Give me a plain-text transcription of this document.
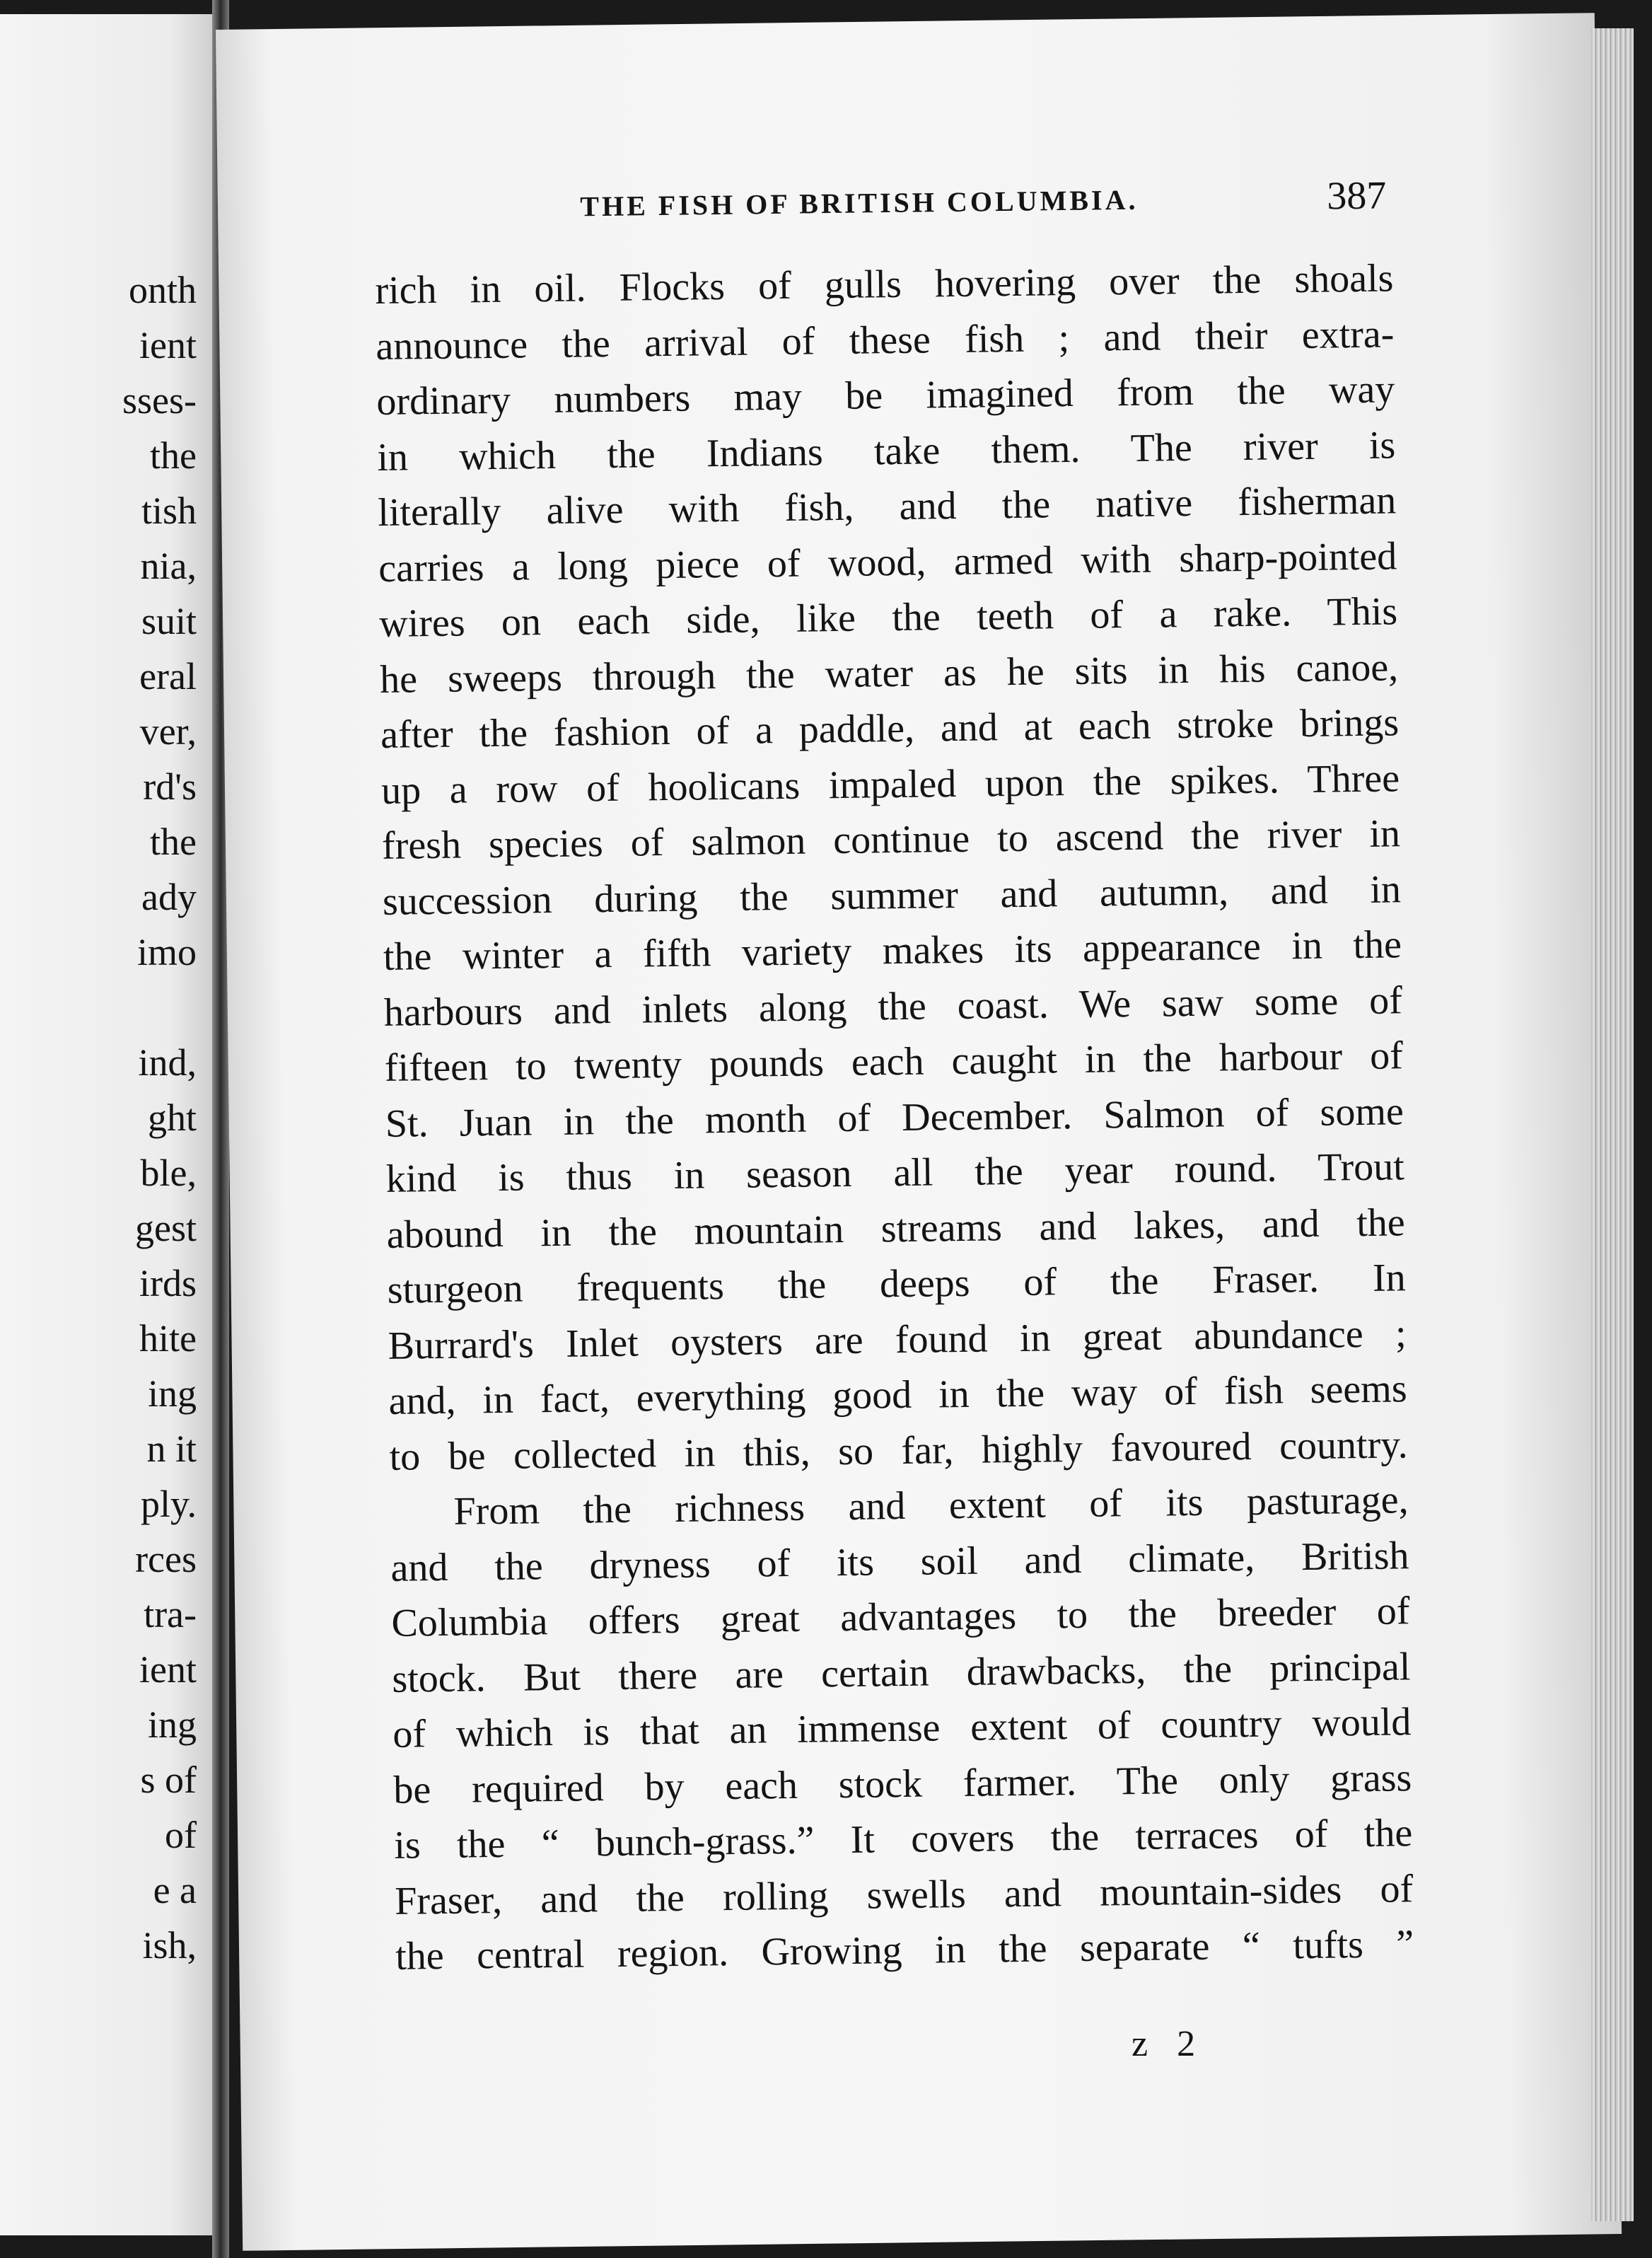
onth
ient
sses-
the
tish
nia,
suit
eral
ver,
rd's
the
ady
imo
ind,
ght
ble,
gest
irds
hite
ing
n it
ply.
rces
tra-
ient
ing
s of
of
e a
ish,
THE FISH OF BRITISH COLUMBIA.	387
rich in oil. Flocks of gulls hovering over the shoals
announce the arrival of these fish ; and their extra-
ordinary numbers may be imagined from the way
in which the Indians take them. The river is
literally alive with fish, and the native fisherman
carries a long piece of wood, armed with sharp-pointed
wires on each side, like the teeth of a rake. This
he sweeps through the water as he sits in his canoe,
after the fashion of a paddle, and at each stroke brings
up a row of hoolicans impaled upon the spikes. Three
fresh species of salmon continue to ascend the river in
succession during the summer and autumn, and in
the winter a fifth variety makes its appearance in the
harbours and inlets along the coast. We saw some of
fifteen to twenty pounds each caught in the harbour of
St. Juan in the month of December. Salmon of some
kind is thus in season all the year round. Trout
abound in the mountain streams and lakes, and the
sturgeon frequents the deeps of the Fraser. In
Burrard's Inlet oysters are found in great abundance ;
and, in fact, everything good in the way of fish seems
to be collected in this, so far, highly favoured country.
From the richness and extent of its pasturage,
and the dryness of its soil and climate, British
Columbia offers great advantages to the breeder of
stock. But there are certain drawbacks, the principal
of which is that an immense extent of country would
be required by each stock farmer. The only grass
is the “ bunch-grass.” It covers the terraces of the
Fraser, and the rolling swells and mountain-sides of
the central region. Growing in the separate “ tufts ”
z 2
